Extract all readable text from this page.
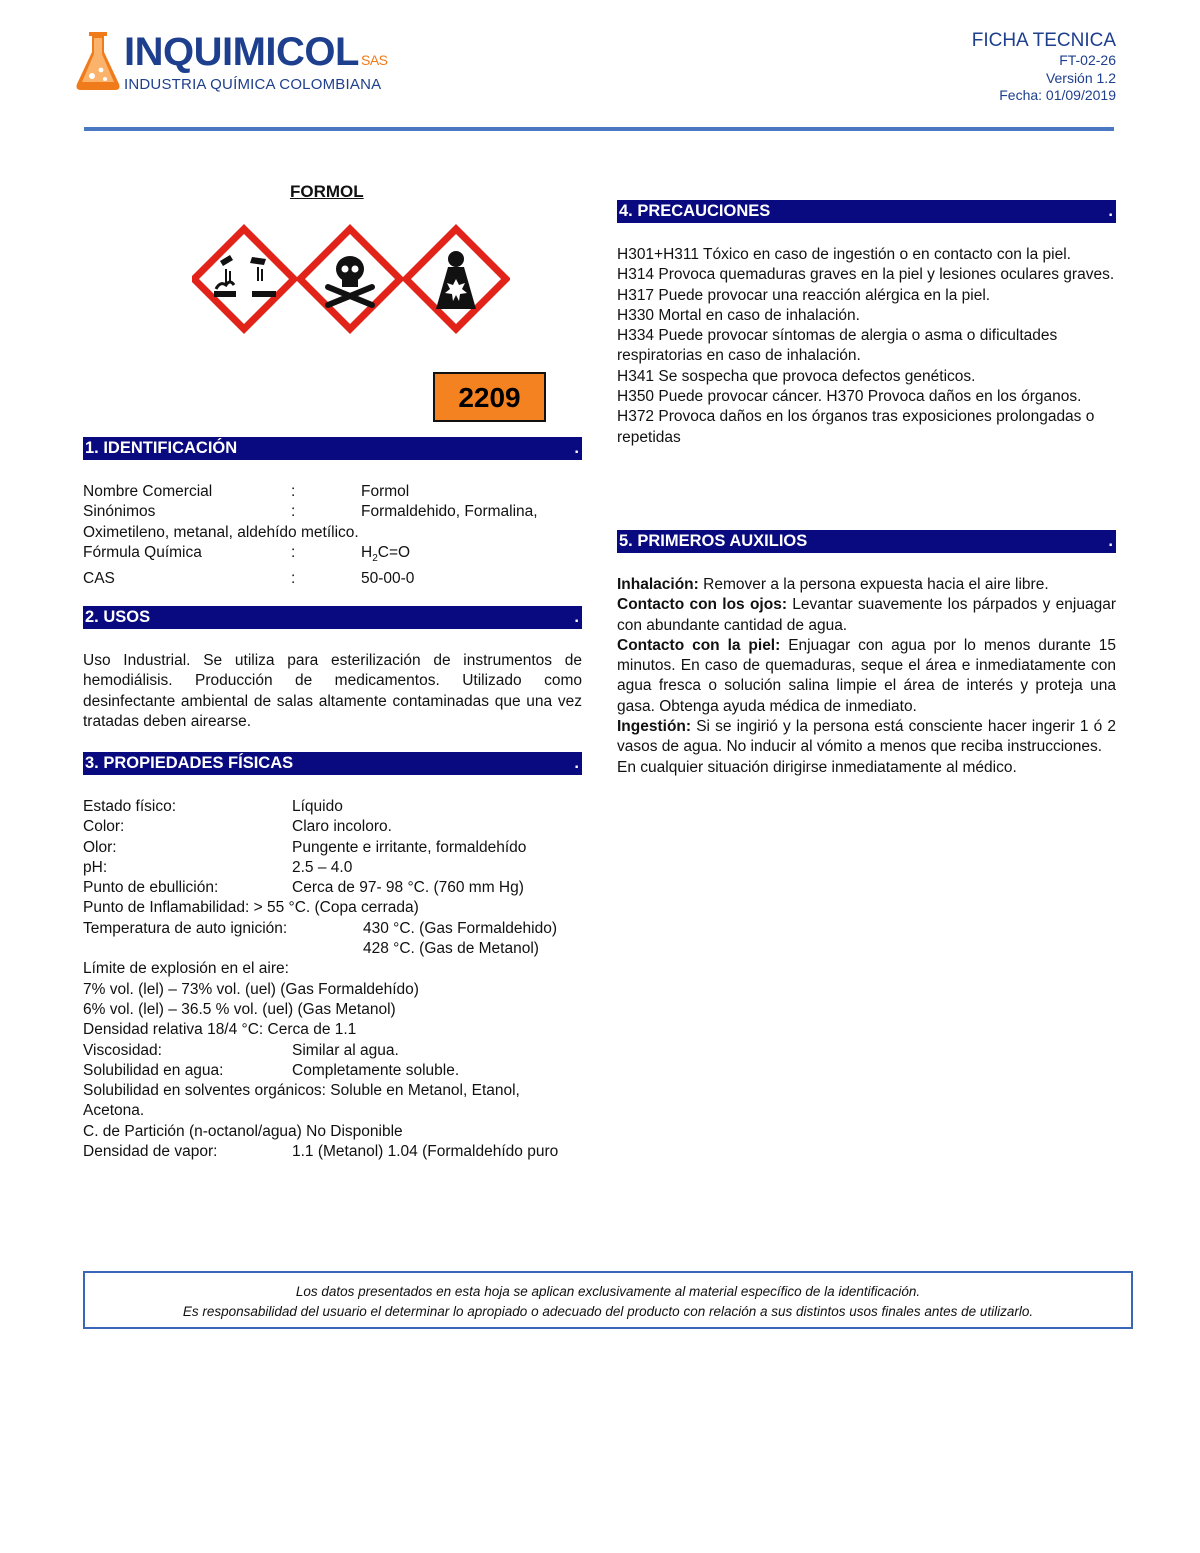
INQUIMICOL SAS
INDUSTRIA QUÍMICA COLOMBIANA
FICHA TECNICA
FT-02-26
Versión 1.2
Fecha: 01/09/2019
FORMOL
2209
1. IDENTIFICACIÓN	.
Nombre Comercial	:	Formol
Sinónimos	:	Formaldehido, Formalina,
Oximetileno, metanal, aldehído metílico.
Fórmula Química	:	$H_2C=O$
CAS	:	50-00-0
2. USOS	.
Uso Industrial. Se utiliza para esterilización de instrumentos de hemodiálisis. Producción de medicamentos. Utilizado como desinfectante ambiental de salas altamente contaminadas que una vez tratadas deben airearse.
3. PROPIEDADES FÍSICAS	.
Estado físico:	Líquido
Color:	Claro incoloro.
Olor:	Pungente e irritante, formaldehído
pH:	2.5 – 4.0
Punto de ebullición:	Cerca de 97- 98 °C. (760 mm Hg)
Punto de Inflamabilidad: > 55 °C. (Copa cerrada)
Temperatura de auto ignición:	430 °C. (Gas Formaldehido)
428 °C. (Gas de Metanol)
Límite de explosión en el aire:
7% vol. (lel) – 73% vol. (uel) (Gas Formaldehído)
6% vol. (lel) – 36.5 % vol. (uel) (Gas Metanol)
Densidad relativa 18/4 °C: Cerca de 1.1
Viscosidad:	Similar al agua.
Solubilidad en agua:	Completamente soluble.
Solubilidad en solventes orgánicos: Soluble en Metanol, Etanol, Acetona.
C. de Partición (n-octanol/agua) No Disponible
Densidad de vapor:	1.1 (Metanol) 1.04 (Formaldehído puro
4. PRECAUCIONES	.
H301+H311 Tóxico en caso de ingestión o en contacto con la piel.
H314 Provoca quemaduras graves en la piel y lesiones oculares graves.
H317 Puede provocar una reacción alérgica en la piel.
H330 Mortal en caso de inhalación.
H334 Puede provocar síntomas de alergia o asma o dificultades respiratorias en caso de inhalación.
H341 Se sospecha que provoca defectos genéticos.
H350 Puede provocar cáncer. H370 Provoca daños en los órganos.
H372 Provoca daños en los órganos tras exposiciones prolongadas o repetidas
5. PRIMEROS AUXILIOS	.
Inhalación: Remover a la persona expuesta hacia el aire libre.
Contacto con los ojos: Levantar suavemente los párpados y enjuagar con abundante cantidad de agua.
Contacto con la piel: Enjuagar con agua por lo menos durante 15 minutos. En caso de quemaduras, seque el área e inmediatamente con agua fresca o solución salina limpie el área de interés y proteja una gasa. Obtenga ayuda médica de inmediato.
Ingestión: Si se ingirió y la persona está consciente hacer ingerir 1 ó 2 vasos de agua. No inducir al vómito a menos que reciba instrucciones.
En cualquier situación dirigirse inmediatamente al médico.
Los datos presentados en esta hoja se aplican exclusivamente al material específico de la identificación.
Es responsabilidad del usuario el determinar lo apropiado o adecuado del producto con relación a sus distintos usos finales antes de utilizarlo.
